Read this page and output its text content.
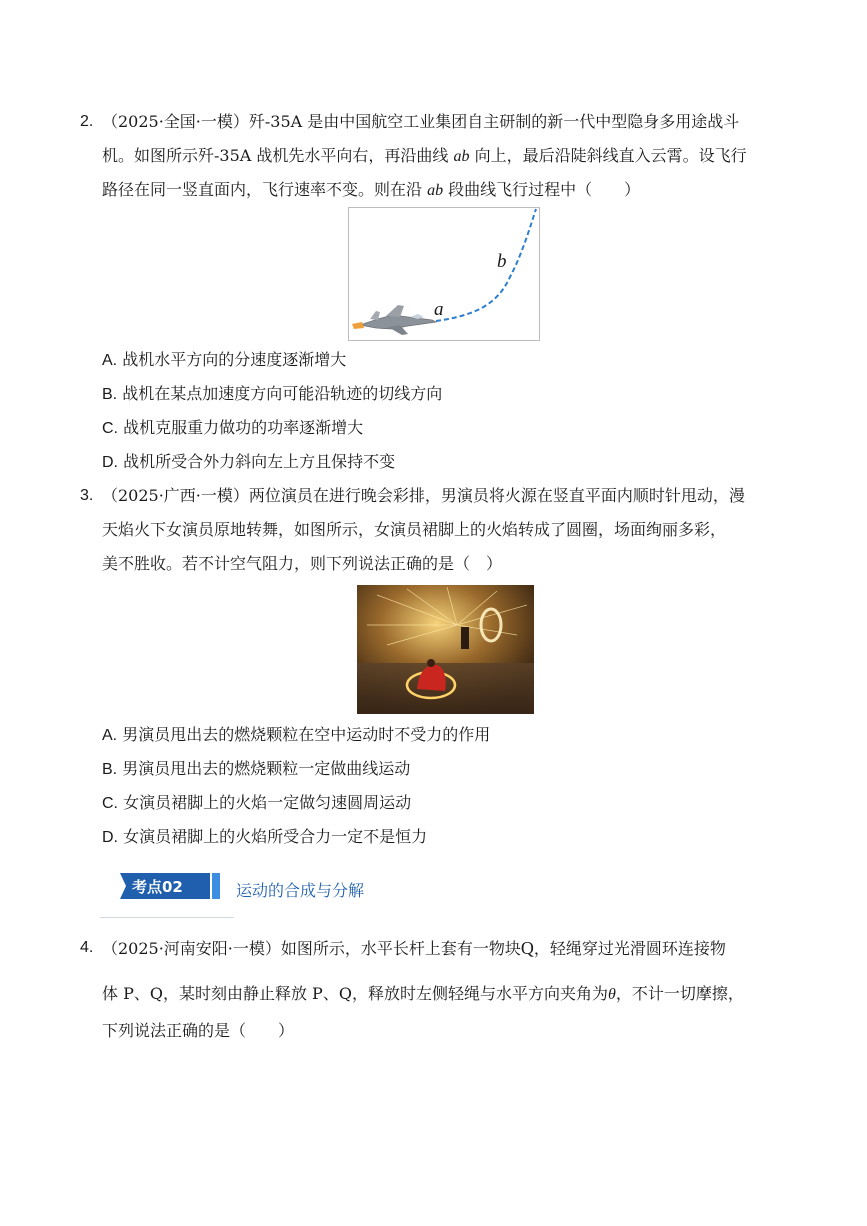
2. （2025·全国·一模）歼-35A 是由中国航空工业集团自主研制的新一代中型隐身多用途战斗
机。如图所示歼-35A 战机先水平向右，再沿曲线 ab 向上，最后沿陡斜线直入云霄。设飞行
路径在同一竖直面内，飞行速率不变。则在沿 ab 段曲线飞行过程中（　　）
a
b
A. 战机水平方向的分速度逐渐增大
B. 战机在某点加速度方向可能沿轨迹的切线方向
C. 战机克服重力做功的功率逐渐增大
D. 战机所受合外力斜向左上方且保持不变
3. （2025·广西·一模）两位演员在进行晚会彩排，男演员将火源在竖直平面内顺时针甩动，漫
天焰火下女演员原地转舞，如图所示，女演员裙脚上的火焰转成了圆圈，场面绚丽多彩，
美不胜收。若不计空气阻力，则下列说法正确的是（　）
A. 男演员甩出去的燃烧颗粒在空中运动时不受力的作用
B. 男演员甩出去的燃烧颗粒一定做曲线运动
C. 女演员裙脚上的火焰一定做匀速圆周运动
D. 女演员裙脚上的火焰所受合力一定不是恒力
考点02	运动的合成与分解
4. （2025·河南安阳·一模）如图所示，水平长杆上套有一物块Q，轻绳穿过光滑圆环连接物
体 P、Q，某时刻由静止释放 P、Q，释放时左侧轻绳与水平方向夹角为θ，不计一切摩擦，
下列说法正确的是（　　）
